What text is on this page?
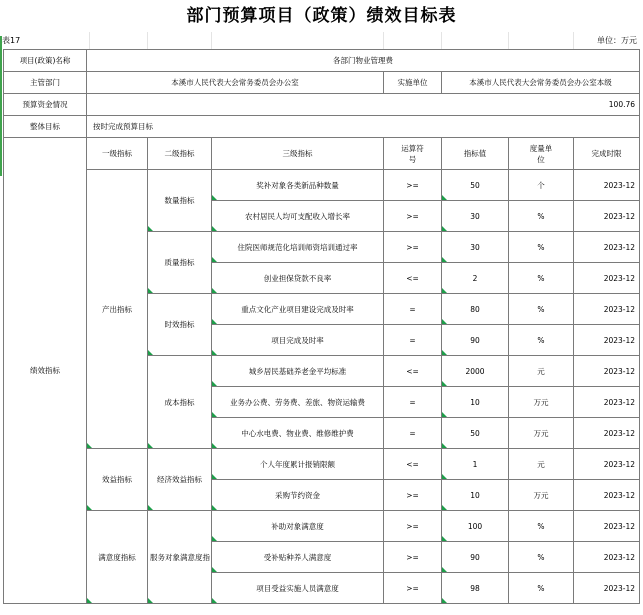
部门预算项目（政策）绩效目标表
表17	单位：万元
项目(政策)名称	各部门物业管理费						
主管部门	本溪市人民代表大会常务委员会办公室			实施单位	本溪市人民代表大会常务委员会办公室本级		
预算资金情况	100.76						
整体目标	按时完成预算目标						
绩效指标	一级指标	二级指标	三级指标	运算符号	指标值	度量单位	完成时限
	产出指标	数量指标	奖补对象各类新品种数量	>=	50	个	2023-12
			农村居民人均可支配收入增长率	>=	30	%	2023-12
		质量指标	住院医师规范化培训师资培训通过率	>=	30	%	2023-12
			创业担保贷款不良率	<=	2	%	2023-12
		时效指标	重点文化产业项目建设完成及时率	=	80	%	2023-12
			项目完成及时率	=	90	%	2023-12
		成本指标	城乡居民基础养老金平均标准	<=	2000	元	2023-12
			业务办公费、劳务费、差旅、物资运输费	=	10	万元	2023-12
			中心水电费、物业费、维修维护费	=	50	万元	2023-12
	效益指标	经济效益指标	个人年度累计报销限额	<=	1	元	2023-12
			采购节约资金	>=	10	万元	2023-12
	满意度指标	服务对象满意度指	补助对象满意度	>=	100	%	2023-12
			受补贴种养人满意度	>=	90	%	2023-12
			项目受益实施人员满意度	>=	98	%	2023-12
